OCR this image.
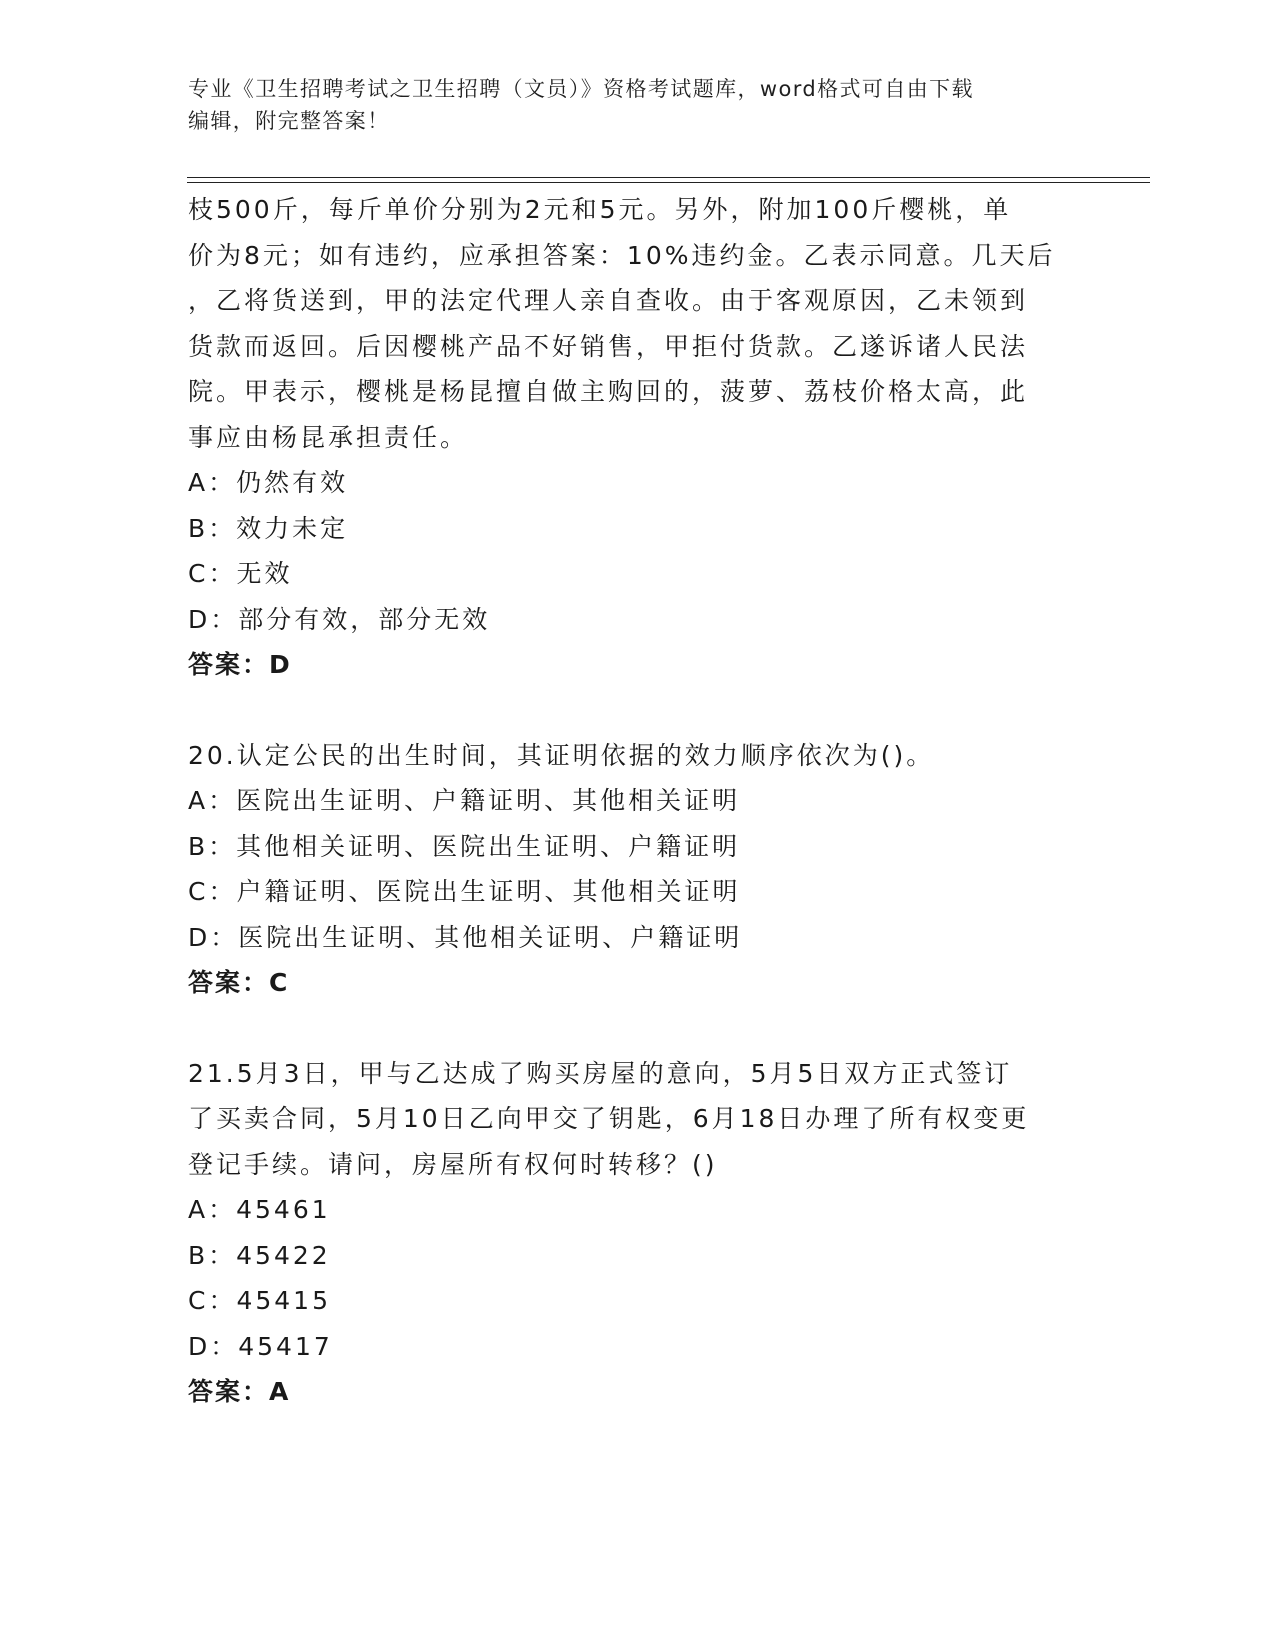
专业《卫生招聘考试之卫生招聘（文员）》资格考试题库，word格式可自由下载
编辑，附完整答案！
枝500斤，每斤单价分别为2元和5元。另外，附加100斤樱桃，单
价为8元；如有违约，应承担答案：10%违约金。乙表示同意。几天后
，乙将货送到，甲的法定代理人亲自查收。由于客观原因，乙未领到
货款而返回。后因樱桃产品不好销售，甲拒付货款。乙遂诉诸人民法
院。甲表示，樱桃是杨昆擅自做主购回的，菠萝、荔枝价格太高，此
事应由杨昆承担责任。
A：仍然有效
B：效力未定
C：无效
D：部分有效，部分无效
答案：D
20.认定公民的出生时间，其证明依据的效力顺序依次为()。
A：医院出生证明、户籍证明、其他相关证明
B：其他相关证明、医院出生证明、户籍证明
C：户籍证明、医院出生证明、其他相关证明
D：医院出生证明、其他相关证明、户籍证明
答案：C
21.5月3日，甲与乙达成了购买房屋的意向，5月5日双方正式签订
了买卖合同，5月10日乙向甲交了钥匙，6月18日办理了所有权变更
登记手续。请问，房屋所有权何时转移？()
A：45461
B：45422
C：45415
D：45417
答案：A
